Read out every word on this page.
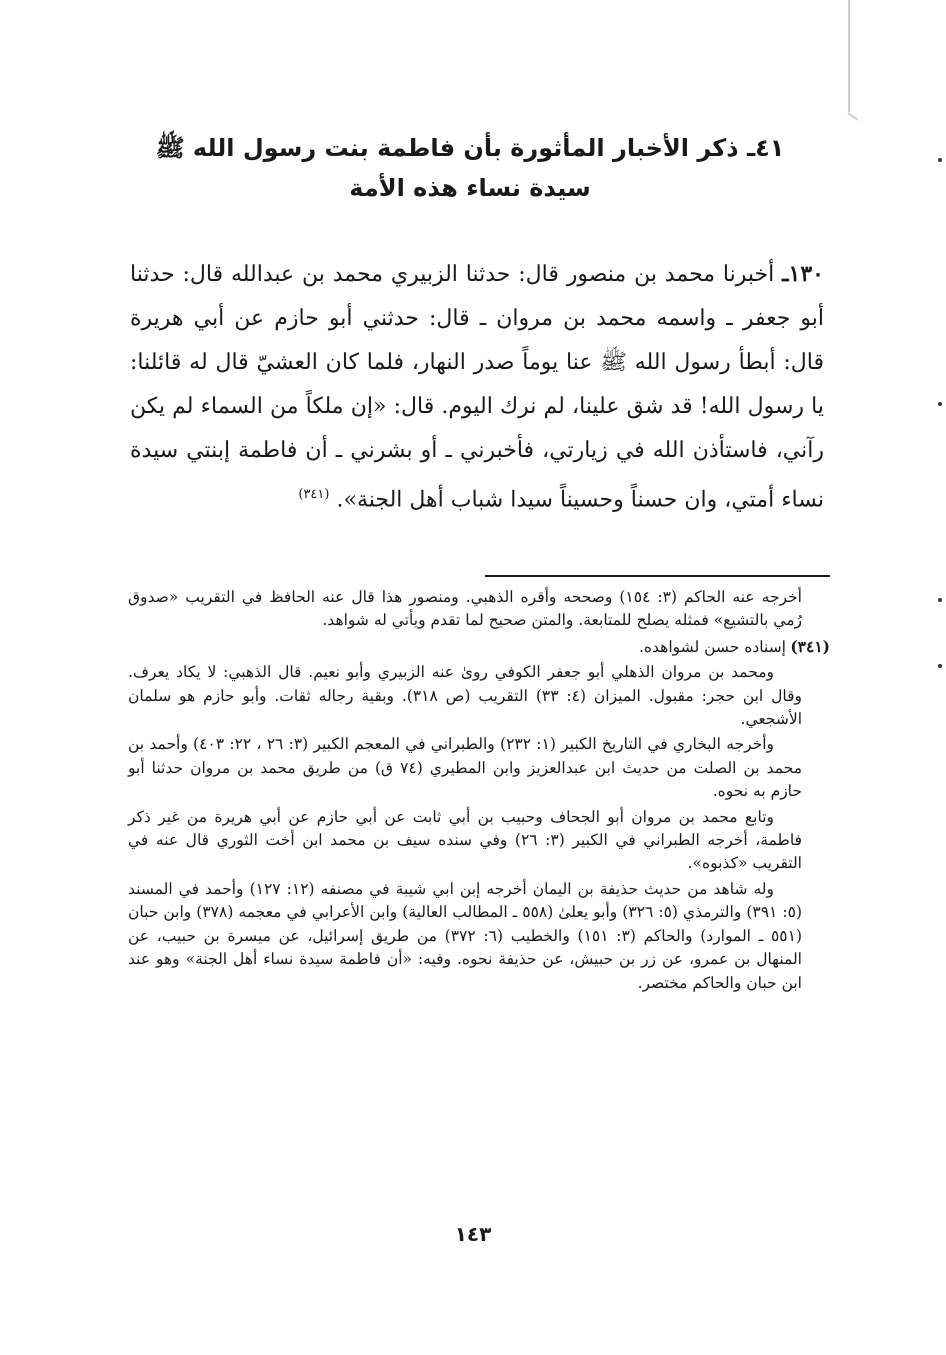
٤١ـ ذكر الأخبار المأثورة بأن فاطمة بنت رسول الله ﷺ
سيدة نساء هذه الأمة
١٣٠ـ أخبرنا محمد بن منصور قال: حدثنا الزبيري محمد بن عبدالله قال: حدثنا أبو جعفر ـ واسمه محمد بن مروان ـ قال: حدثني أبو حازم عن أبي هريرة قال: أبطأ رسول الله ﷺ عنا يوماً صدر النهار، فلما كان العشيّ قال له قائلنا: يا رسول الله! قد شق علينا، لم نرك اليوم. قال: «إن ملكاً من السماء لم يكن رآني، فاستأذن الله في زيارتي، فأخبرني ـ أو بشرني ـ أن فاطمة إبنتي سيدة نساء أمتي، وان حسناً وحسيناً سيدا شباب أهل الجنة». $^{(٣٤١)}$

أخرجه عنه الحاكم (٣: ١٥٤) وصححه وأقره الذهبي. ومنصور هذا قال عنه الحافظ في التقريب «صدوق رُمي بالتشيع» فمثله يصلح للمتابعة. والمتن صحيح لما تقدم ويأتي له شواهد.

(٣٤١)إسناده حسن لشواهده.

ومحمد بن مروان الذهلي أبو جعفر الكوفي روىٰ عنه الزبيري وأبو نعيم. قال الذهبي: لا يكاد يعرف. وقال ابن حجر: مقبول. الميزان (٤: ٣٣) التقريب (ص ٣١٨). وبقية رجاله ثقات. وأبو حازم هو سلمان الأشجعي.

وأخرجه البخاري في التاريخ الكبير (١: ٢٣٢) والطبراني في المعجم الكبير (٣: ٢٦ ، ٢٢: ٤٠٣) وأحمد بن محمد بن الصلت من حديث ابن عبدالعزيز وابن المطيري (٧٤ ق) من طريق محمد بن مروان حدثنا أبو حازم به نحوه.

وتابع محمد بن مروان أبو الجحاف وحبيب بن أبي ثابت عن أبي حازم عن أبي هريرة من غير ذكر فاطمة، أخرجه الطبراني في الكبير (٣: ٢٦) وفي سنده سيف بن محمد ابن أخت الثوري قال عنه في التقريب «كذبوه».

وله شاهد من حديث حذيفة بن اليمان أخرجه إبن ابي شيبة في مصنفه (١٢: ١٢٧) وأحمد في المسند (٥: ٣٩١) والترمذي (٥: ٣٢٦) وأبو يعلىٰ (٥٥٨ ـ المطالب العالية) وابن الأعرابي في معجمه (٣٧٨) وابن حبان (٥٥١ ـ الموارد) والحاكم (٣: ١٥١) والخطيب (٦: ٣٧٢) من طريق إسرائيل، عن ميسرة بن حبيب، عن المنهال بن عمرو، عن زر بن حبيش، عن حذيفة نحوه. وفيه: «أن فاطمة سيدة نساء أهل الجنة» وهو عند ابن حبان والحاكم مختصر.

١٤٣
